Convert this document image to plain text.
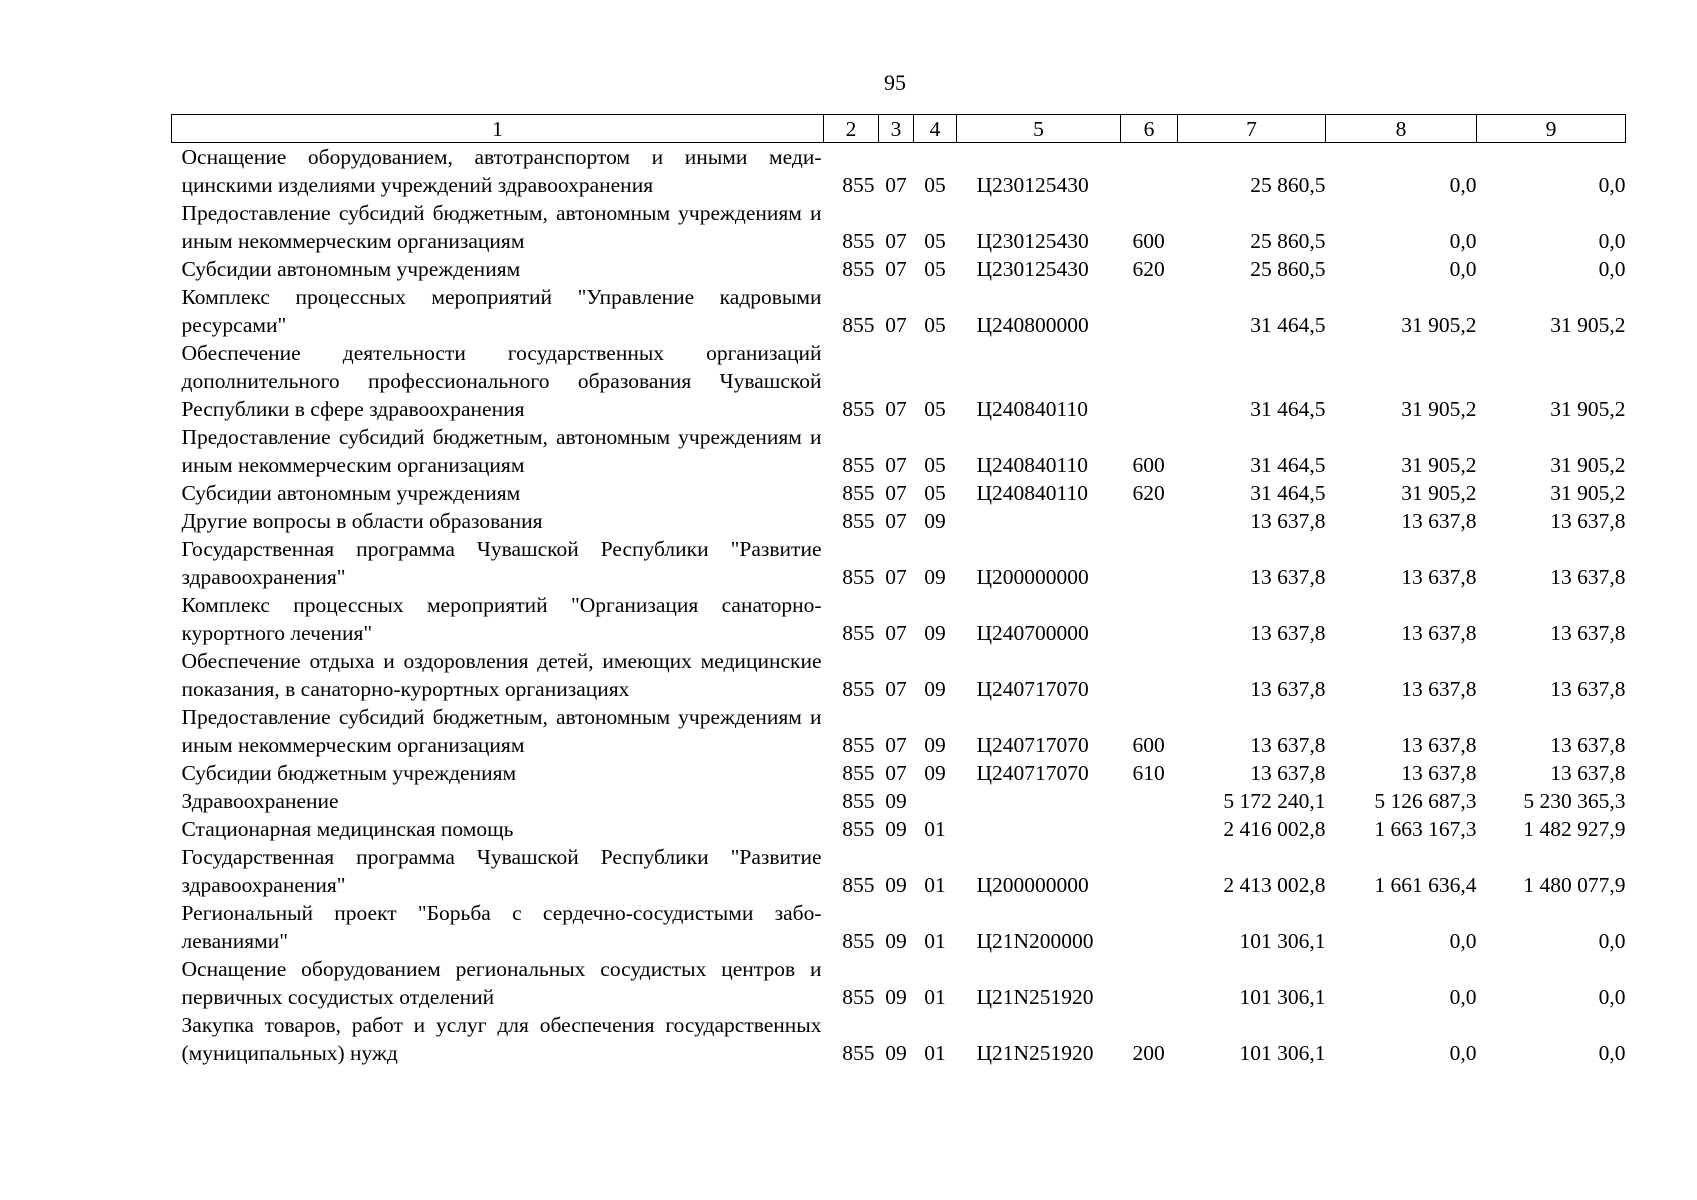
95
1	2	3	4	5	6	7	8	9
Оснащение оборудованием, автотранспортом и иными медицинскими изделиями учреждений здравоохранения	855	07	05	Ц230125430		25 860,5	0,0	0,0
Предоставление субсидий бюджетным, автономным учреждениям и иным некоммерческим организациям	855	07	05	Ц230125430	600	25 860,5	0,0	0,0
Субсидии автономным учреждениям	855	07	05	Ц230125430	620	25 860,5	0,0	0,0
Комплекс процессных мероприятий "Управление кадровыми ресурсами"	855	07	05	Ц240800000		31 464,5	31 905,2	31 905,2
Обеспечение деятельности государственных организаций дополнительного профессионального образования Чувашской Республики в сфере здравоохранения	855	07	05	Ц240840110		31 464,5	31 905,2	31 905,2
Предоставление субсидий бюджетным, автономным учреждениям и иным некоммерческим организациям	855	07	05	Ц240840110	600	31 464,5	31 905,2	31 905,2
Субсидии автономным учреждениям	855	07	05	Ц240840110	620	31 464,5	31 905,2	31 905,2
Другие вопросы в области образования	855	07	09			13 637,8	13 637,8	13 637,8
Государственная программа Чувашской Республики "Развитие здравоохранения"	855	07	09	Ц200000000		13 637,8	13 637,8	13 637,8
Комплекс процессных мероприятий "Организация санаторно-курортного лечения"	855	07	09	Ц240700000		13 637,8	13 637,8	13 637,8
Обеспечение отдыха и оздоровления детей, имеющих медицинские показания, в санаторно-курортных организациях	855	07	09	Ц240717070		13 637,8	13 637,8	13 637,8
Предоставление субсидий бюджетным, автономным учреждениям и иным некоммерческим организациям	855	07	09	Ц240717070	600	13 637,8	13 637,8	13 637,8
Субсидии бюджетным учреждениям	855	07	09	Ц240717070	610	13 637,8	13 637,8	13 637,8
Здравоохранение	855	09				5 172 240,1	5 126 687,3	5 230 365,3
Стационарная медицинская помощь	855	09	01			2 416 002,8	1 663 167,3	1 482 927,9
Государственная программа Чувашской Республики "Развитие здравоохранения"	855	09	01	Ц200000000		2 413 002,8	1 661 636,4	1 480 077,9
Региональный проект "Борьба с сердечно-сосудистыми заболеваниями"	855	09	01	Ц21N200000		101 306,1	0,0	0,0
Оснащение оборудованием региональных сосудистых центров и первичных сосудистых отделений	855	09	01	Ц21N251920		101 306,1	0,0	0,0
Закупка товаров, работ и услуг для обеспечения государственных (муниципальных) нужд	855	09	01	Ц21N251920	200	101 306,1	0,0	0,0
